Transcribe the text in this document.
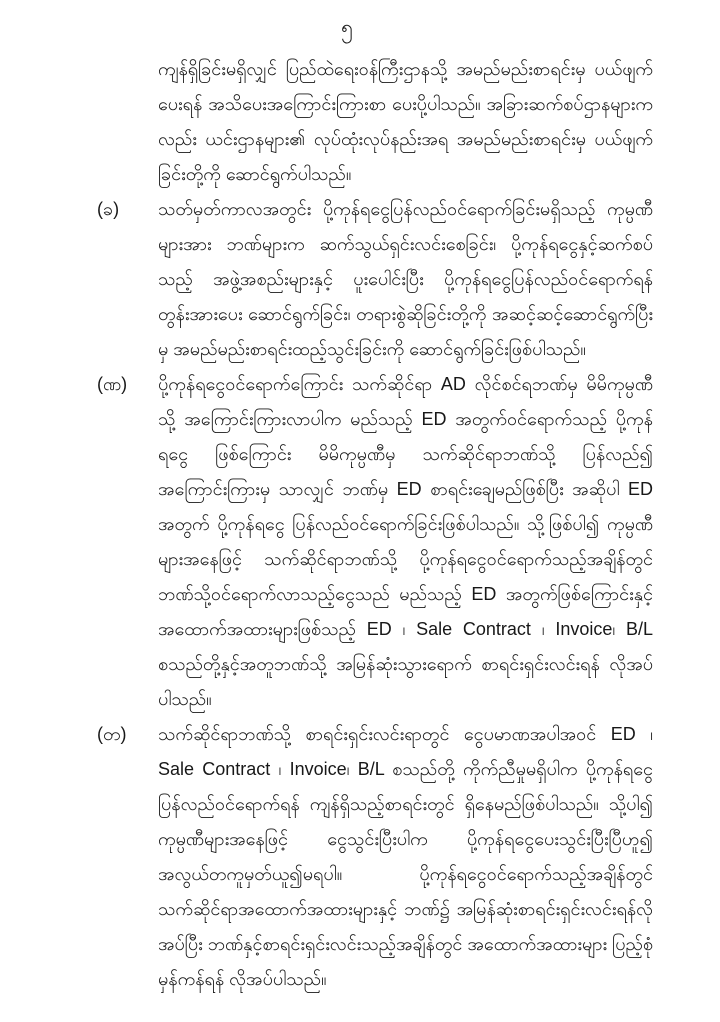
၅
ကျန်ရှိခြင်းမရှိလျှင် ပြည်ထဲရေးဝန်ကြီးဌာနသို့ အမည်မည်းစာရင်းမှ ပယ်ဖျက်ပေးရန် အသိပေးအကြောင်းကြားစာ ပေးပို့ပါသည်။ အခြားဆက်စပ်ဌာနများကလည်း ယင်းဌာနများ၏ လုပ်ထုံးလုပ်နည်းအရ အမည်မည်းစာရင်းမှ ပယ်ဖျက်ခြင်းတို့ကို ဆောင်ရွက်ပါသည်။
(ခ)	သတ်မှတ်ကာလအတွင်း ပို့ကုန်ရငွေပြန်လည်ဝင်ရောက်ခြင်းမရှိသည့် ကုမ္ပဏီများအား ဘဏ်များက ဆက်သွယ်ရှင်းလင်းစေခြင်း၊ ပို့ကုန်ရငွေနှင့်ဆက်စပ်သည့် အဖွဲ့အစည်းများနှင့် ပူးပေါင်းပြီး ပို့ကုန်ရငွေပြန်လည်ဝင်ရောက်ရန် တွန်းအားပေး ဆောင်ရွက်ခြင်း၊ တရားစွဲဆိုခြင်းတို့ကို အဆင့်ဆင့်ဆောင်ရွက်ပြီးမှ အမည်မည်းစာရင်းထည့်သွင်းခြင်းကို ဆောင်ရွက်ခြင်းဖြစ်ပါသည်။
(ဏ)	ပို့ကုန်ရငွေဝင်ရောက်ကြောင်း သက်ဆိုင်ရာ AD လိုင်စင်ရဘဏ်မှ မိမိကုမ္ပဏီသို့ အကြောင်းကြားလာပါက မည်သည့် ED အတွက်ဝင်ရောက်သည့် ပို့ကုန်ရငွေ ဖြစ်ကြောင်း မိမိကုမ္ပဏီမှ သက်ဆိုင်ရာဘဏ်သို့ ပြန်လည်၍ အကြောင်းကြားမှ သာလျှင် ဘဏ်မှ ED စာရင်းချေမည်ဖြစ်ပြီး အဆိုပါ ED အတွက် ပို့ကုန်ရငွေ ပြန်လည်ဝင်ရောက်ခြင်းဖြစ်ပါသည်။ သို့ဖြစ်ပါ၍ ကုမ္ပဏီများအနေဖြင့် သက်ဆိုင်ရာဘဏ်သို့ ပို့ကုန်ရငွေဝင်ရောက်သည့်အချိန်တွင် ဘဏ်သို့ဝင်ရောက်လာသည့်ငွေသည် မည်သည့် ED အတွက်ဖြစ်ကြောင်းနှင့် အထောက်အထားများဖြစ်သည့် ED ၊ Sale Contract ၊ Invoice၊ B/L စသည်တို့နှင့်အတူဘဏ်သို့ အမြန်ဆုံးသွားရောက် စာရင်းရှင်းလင်းရန် လိုအပ်ပါသည်။
(တ)	သက်ဆိုင်ရာဘဏ်သို့ စာရင်းရှင်းလင်းရာတွင် ငွေပမာဏအပါအဝင် ED ၊ Sale Contract ၊ Invoice၊ B/L စသည်တို့ ကိုက်ညီမှုမရှိပါက ပို့ကုန်ရငွေ ပြန်လည်ဝင်ရောက်ရန် ကျန်ရှိသည့်စာရင်းတွင် ရှိနေမည်ဖြစ်ပါသည်။ သို့ပါ၍ ကုမ္ပဏီများအနေဖြင့် ငွေသွင်းပြီးပါက ပို့ကုန်ရငွေပေးသွင်းပြီးပြီဟူ၍ အလွယ်တကူမှတ်ယူ၍မရပါ။ ပို့ကုန်ရငွေဝင်ရောက်သည့်အချိန်တွင် သက်ဆိုင်ရာအထောက်အထားများနှင့် ဘဏ်၌ အမြန်ဆုံးစာရင်းရှင်းလင်းရန်လိုအပ်ပြီး ဘဏ်နှင့်စာရင်းရှင်းလင်းသည့်အချိန်တွင် အထောက်အထားများ ပြည့်စုံမှန်ကန်ရန် လိုအပ်ပါသည်။
